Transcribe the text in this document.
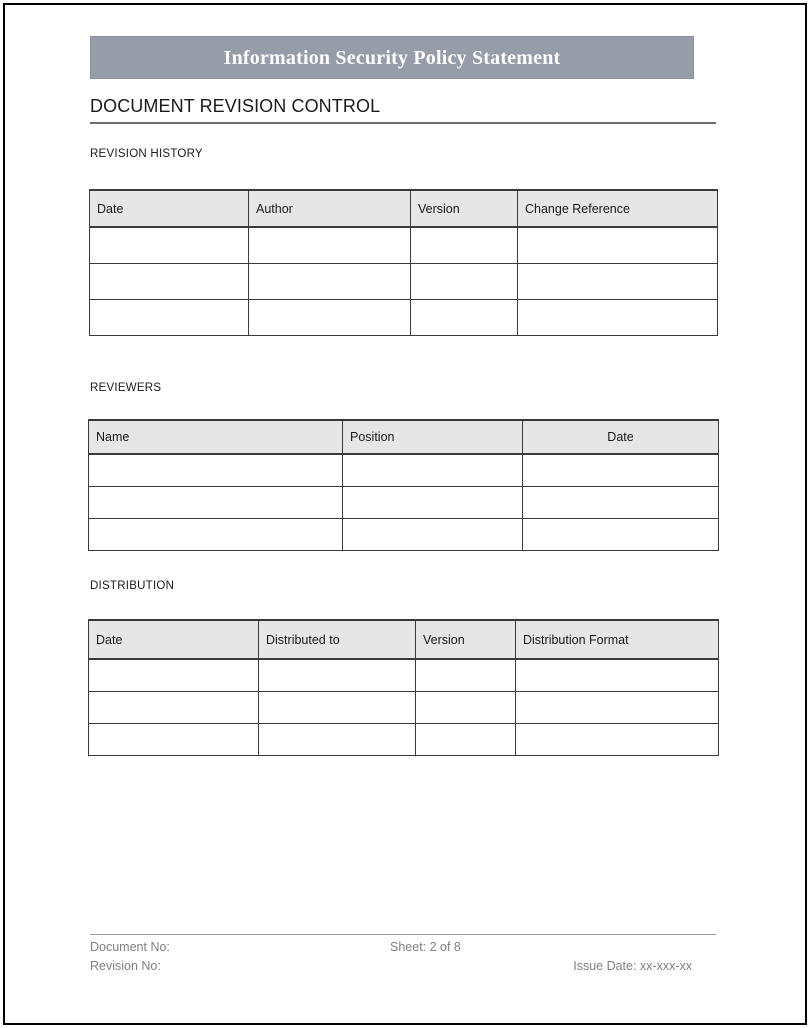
Information Security Policy Statement
DOCUMENT REVISION CONTROL
REVISION HISTORY
Date	Author	Version	Change Reference

REVIEWERS
Name	Position	Date

DISTRIBUTION
Date	Distributed to	Version	Distribution Format

Document No:	Sheet: 2 of 8
Revision No:	Issue Date: xx-xxx-xx
